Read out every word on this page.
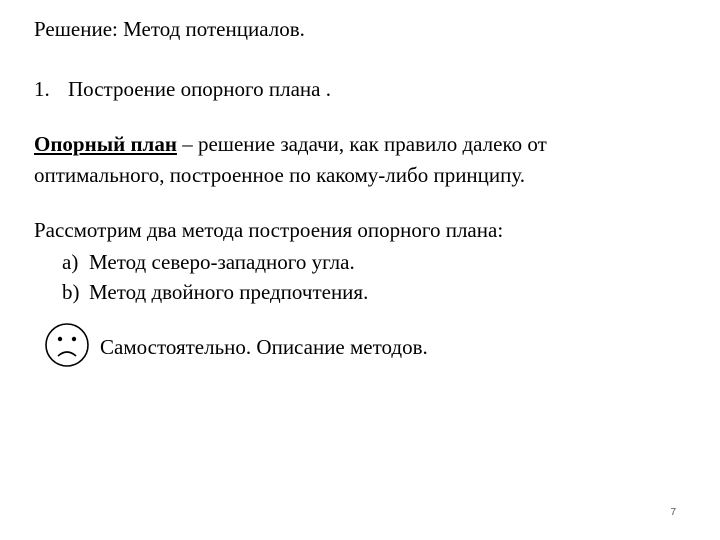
Решение: Метод потенциалов.
1. Построение опорного плана .
Опорный план – решение задачи, как правило далеко от
оптимального, построенное по какому-либо принципу.
Рассмотрим два метода построения опорного плана:
a) Метод северо-западного угла.
b) Метод двойного предпочтения.
Самостоятельно. Описание методов.
7
